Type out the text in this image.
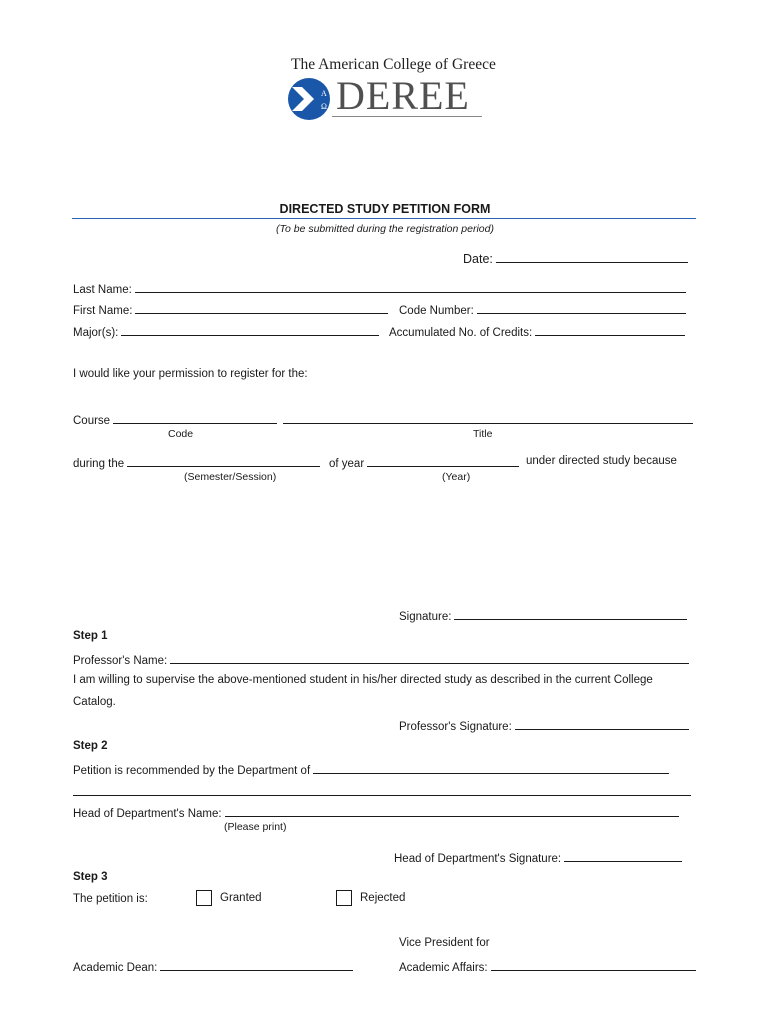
The American College of Greece
A
Ω DEREE
DIRECTED STUDY PETITION FORM
(To be submitted during the registration period)
Date:
Last Name:
First Name:	Code Number:
Major(s):	Accumulated No. of Credits:
I would like your permission to register for the:
Course
Code	Title
during the	of year	under directed study because
(Semester/Session)	(Year)
Signature:
Step 1
Professor's Name:
I am willing to supervise the above-mentioned student in his/her directed study as described in the current College
Catalog.
Professor's Signature:
Step 2
Petition is recommended by the Department of
Head of Department's Name:
(Please print)
Head of Department's Signature:
Step 3
The petition is:	Granted	Rejected
Vice President for
Academic Dean:	Academic Affairs:
